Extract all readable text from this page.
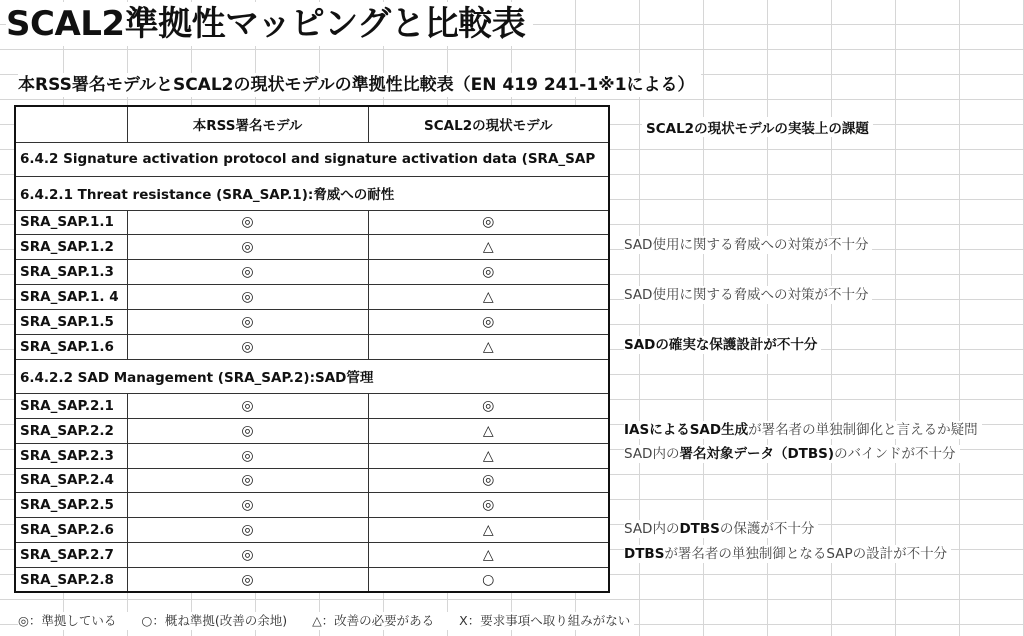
SCAL2準拠性マッピングと比較表
本RSS署名モデルとSCAL2の現状モデルの準拠性比較表（EN 419 241-1※1による）
	本RSS署名モデル	SCAL2の現状モデル
6.4.2 Signature activation protocol and signature activation data (SRA_SAP		
6.4.2.1 Threat resistance (SRA_SAP.1):脅威への耐性		
SRA_SAP.1.1	◎	◎
SRA_SAP.1.2	◎	△
SRA_SAP.1.3	◎	◎
SRA_SAP.1. 4	◎	△
SRA_SAP.1.5	◎	◎
SRA_SAP.1.6	◎	△
6.4.2.2 SAD Management (SRA_SAP.2):SAD管理		
SRA_SAP.2.1	◎	◎
SRA_SAP.2.2	◎	△
SRA_SAP.2.3	◎	△
SRA_SAP.2.4	◎	◎
SRA_SAP.2.5	◎	◎
SRA_SAP.2.6	◎	△
SRA_SAP.2.7	◎	△
SRA_SAP.2.8	◎	○
SCAL2の現状モデルの実装上の課題
SAD使用に関する脅威への対策が不十分
SAD使用に関する脅威への対策が不十分
SADの確実な保護設計が不十分
IASによるSAD生成が署名者の単独制御化と言えるか疑問
SAD内の署名対象データ（DTBS)のバインドが不十分
SAD内のDTBSの保護が不十分
DTBSが署名者の単独制御となるSAPの設計が不十分
◎：準拠している　　○：概ね準拠(改善の余地)　　△：改善の必要がある　　X：要求事項へ取り組みがない
